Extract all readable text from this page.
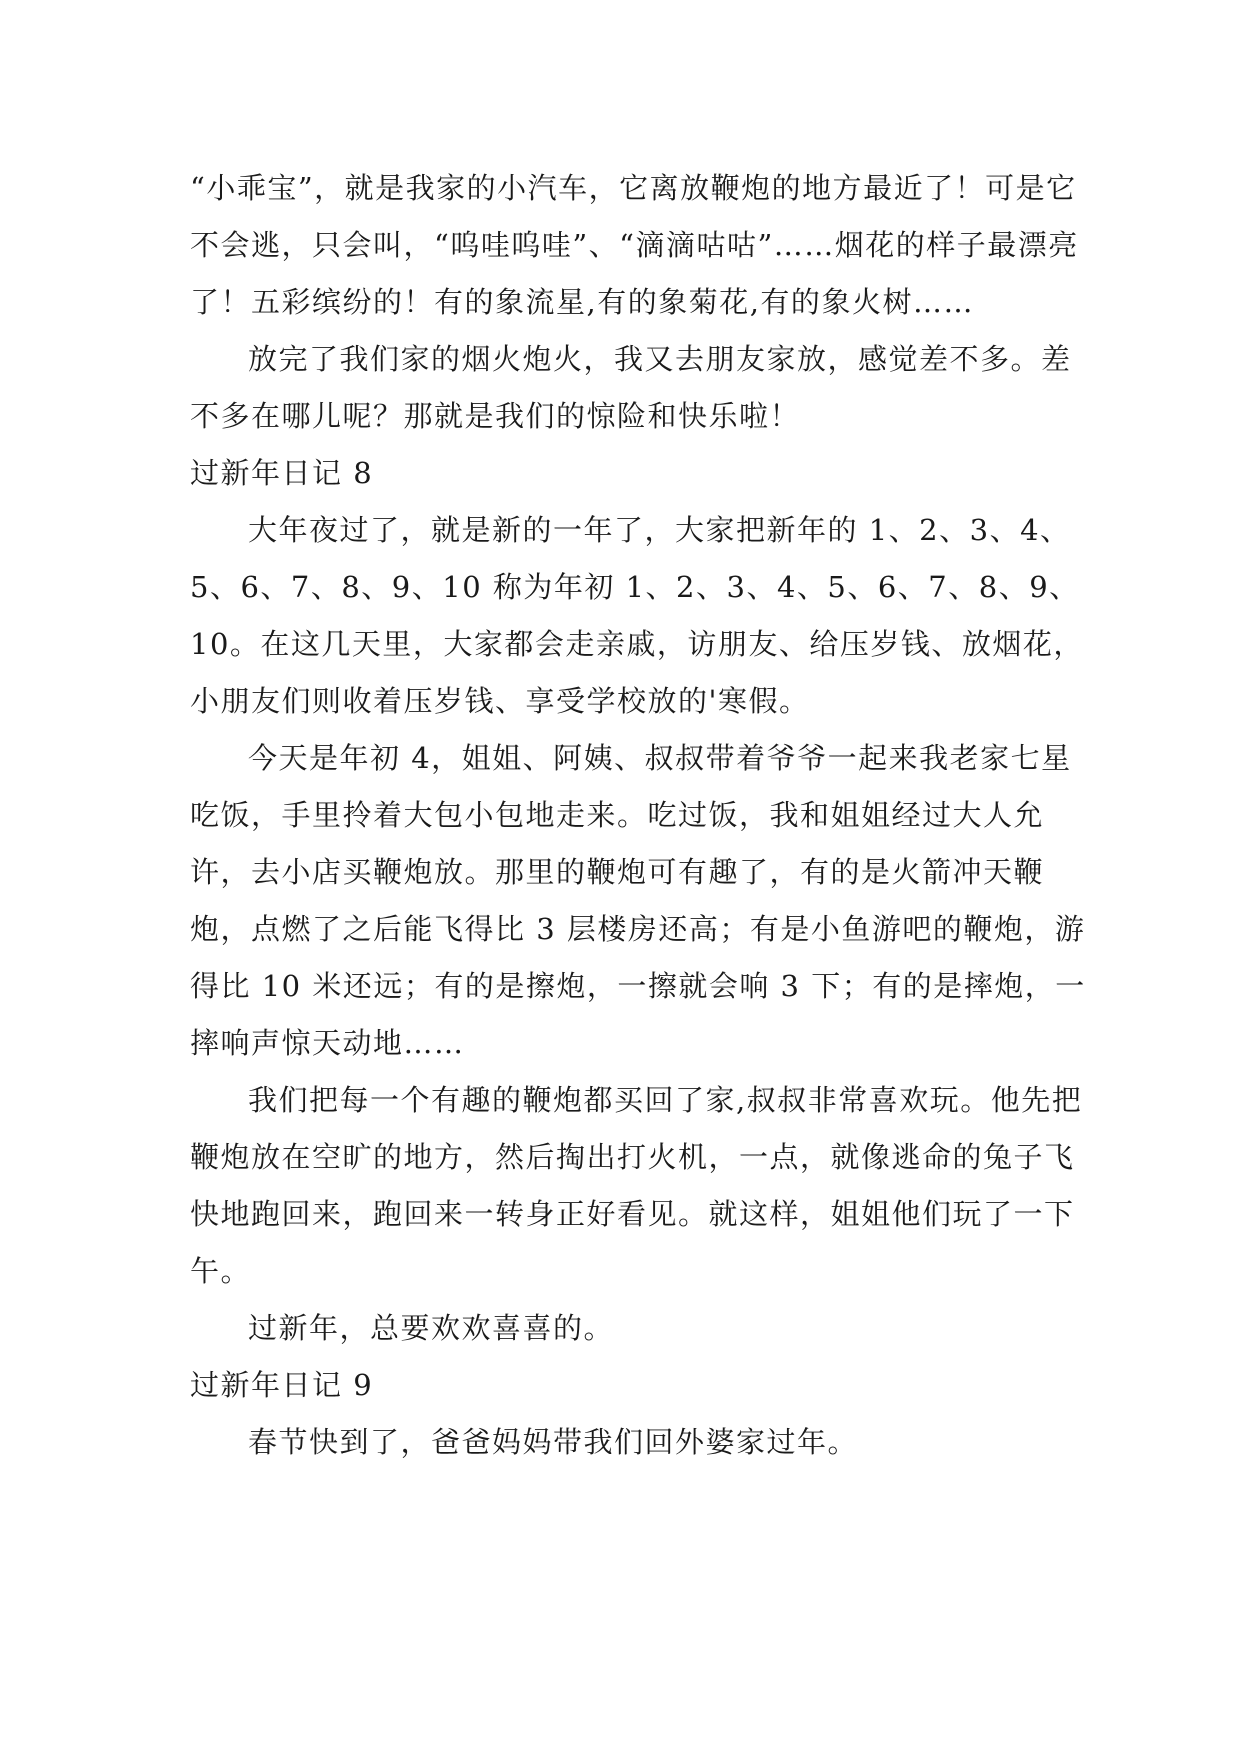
“小乖宝”，就是我家的小汽车，它离放鞭炮的地方最近了！可是它不会逃，只会叫，“呜哇呜哇”、“滴滴咕咕”……烟花的样子最漂亮了！五彩缤纷的！有的象流星,有的象菊花,有的象火树……

放完了我们家的烟火炮火，我又去朋友家放，感觉差不多。差不多在哪儿呢？那就是我们的惊险和快乐啦！

过新年日记 8

大年夜过了，就是新的一年了，大家把新年的 1、2、3、4、5、6、7、8、9、10 称为年初 1、2、3、4、5、6、7、8、9、10。在这几天里，大家都会走亲戚，访朋友、给压岁钱、放烟花，小朋友们则收着压岁钱、享受学校放的'寒假。

今天是年初 4，姐姐、阿姨、叔叔带着爷爷一起来我老家七星吃饭，手里拎着大包小包地走来。吃过饭，我和姐姐经过大人允许，去小店买鞭炮放。那里的鞭炮可有趣了，有的是火箭冲天鞭炮，点燃了之后能飞得比 3 层楼房还高；有是小鱼游吧的鞭炮，游得比 10 米还远；有的是擦炮，一擦就会响 3 下；有的是摔炮，一摔响声惊天动地……

我们把每一个有趣的鞭炮都买回了家,叔叔非常喜欢玩。他先把鞭炮放在空旷的地方，然后掏出打火机，一点，就像逃命的兔子飞快地跑回来，跑回来一转身正好看见。就这样，姐姐他们玩了一下午。

过新年，总要欢欢喜喜的。

过新年日记 9

春节快到了，爸爸妈妈带我们回外婆家过年。
